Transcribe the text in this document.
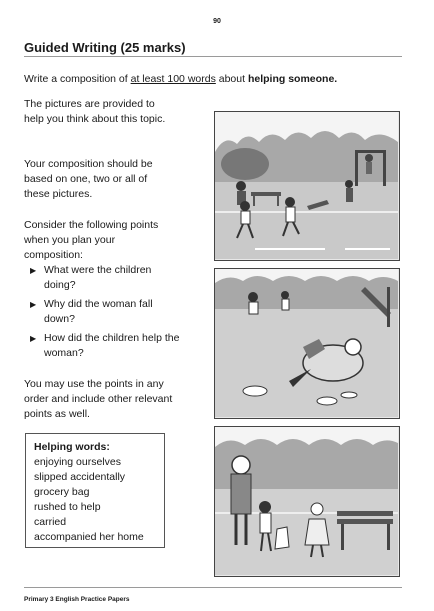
90
Guided Writing (25 marks)
Write a composition of at least 100 words about helping someone.

The pictures are provided to help you think about this topic.

Your composition should be based on one, two or all of these pictures.

Consider the following points when you plan your composition:

▶ What were the children doing?
▶ Why did the woman fall down?
▶ How did the children help the woman?

You may use the points in any order and include other relevant points as well.

Helping words:
enjoying ourselves
slipped accidentally
grocery bag
rushed to help
carried
accompanied her home
Primary 3 English Practice Papers
